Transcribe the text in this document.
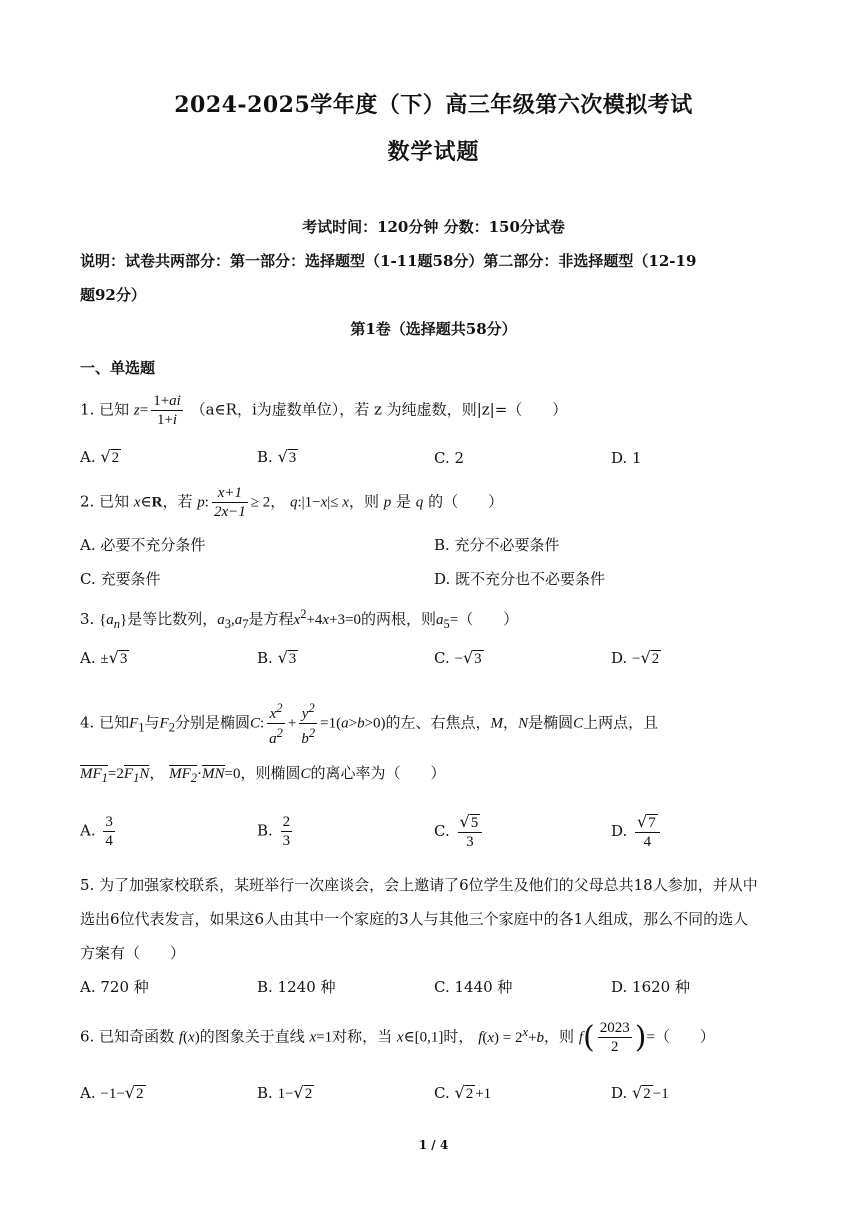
2024-2025学年度（下）高三年级第六次模拟考试
数学试题
考试时间：120分钟 分数：150分试卷
说明：试卷共两部分：第一部分：选择题型（1-11题58分）第二部分：非选择题型（12-19
题92分）
第1卷（选择题共58分）
一、单选题
1. 已知 $z= \frac{1+ai}{1+i}$ （a∈R，i为虚数单位），若 z 为纯虚数，则|z|=（　　）
A. √2	B. √3	C. 2	D. 1
2. 已知 x∈R，若 p: $\frac{x+1}{2x-1} \ge 2$， q:|1−x|≤ x，则 p 是 q 的（　　）
A. 必要不充分条件	B. 充分不必要条件
C. 充要条件	D. 既不充分也不必要条件
3. $\{a_n\}$是等比数列，$a_3,a_7$是方程$x^2+4x+3=0$的两根，则$a_5=$（　　）
A. ±√3	B. √3	C. −√3	D. −√2
4. 已知$F_1$与$F_2$分别是椭圆C: $\frac{x^2}{a^2} + \frac{y^2}{b^2} =1(a>b>0)$的左、右焦点，M，N是椭圆C上两点，且
$MF_1=2F_1N$， $MF_2\cdot MN=0$，则椭圆C的离心率为（　　）
A. $\frac{3}{4}$	B. $\frac{2}{3}$	C. $\frac{√5}{3}$	D. $\frac{√7}{4}$
5. 为了加强家校联系，某班举行一次座谈会，会上邀请了6位学生及他们的父母总共18人参加，并从中
选出6位代表发言，如果这6人由其中一个家庭的3人与其他三个家庭中的各1人组成，那么不同的选人
方案有（　　）
A. 720 种	B. 1240 种	C. 1440 种	D. 1620 种
6. 已知奇函数 f(x)的图象关于直线 x=1对称，当 x∈[0,1]时， $f(x) = 2^x+b$，则 $f( \frac{2023}{2}$ )=（　　）
A. −1−√2	B. 1−√2	C. √2 +1	D. √2 −1
1 / 4
